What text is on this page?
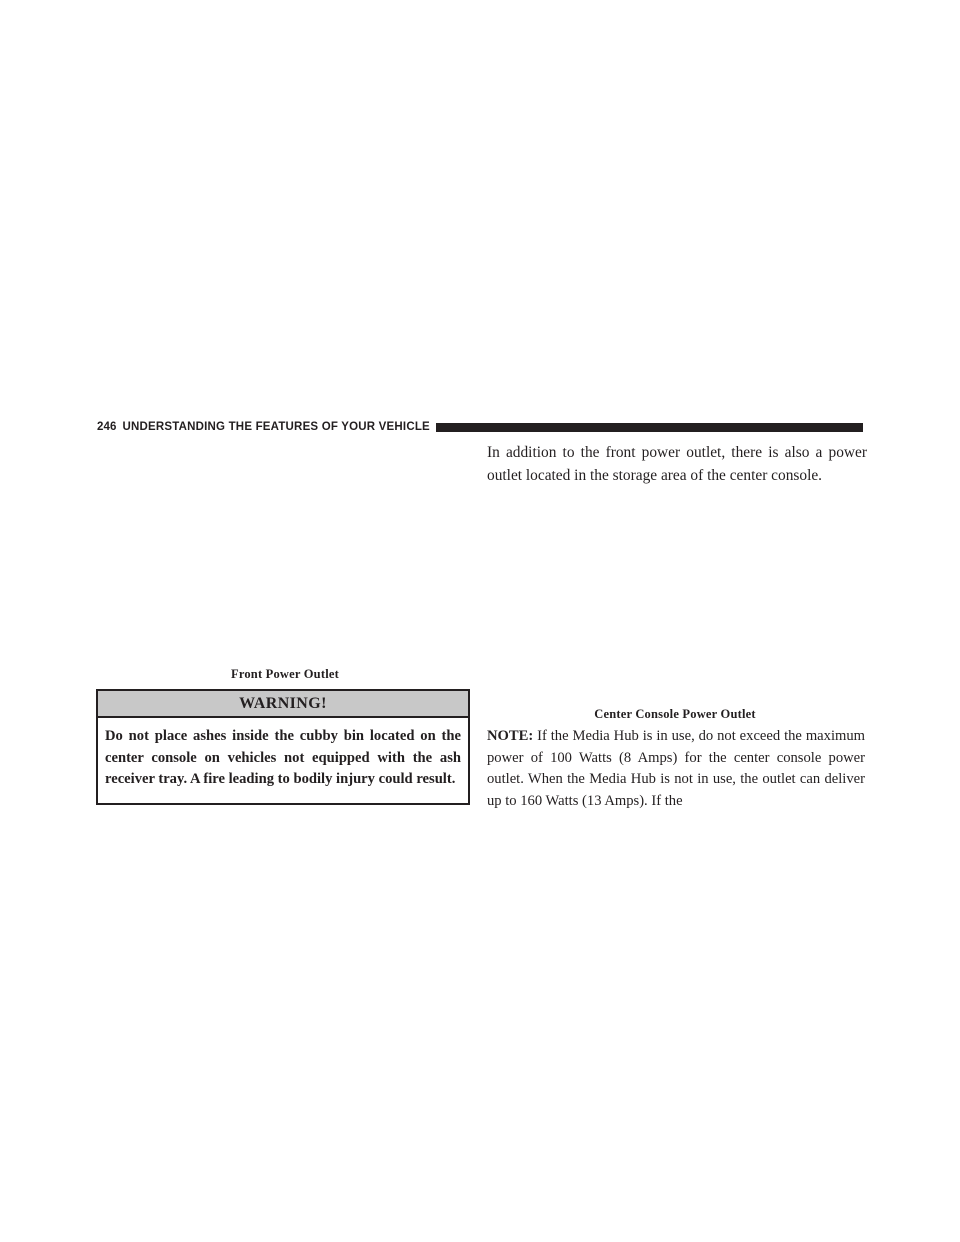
246 UNDERSTANDING THE FEATURES OF YOUR VEHICLE

In addition to the front power outlet, there is also a power outlet located in the storage area of the center console.

Front Power Outlet
WARNING!

Do not place ashes inside the cubby bin located on the center console on vehicles not equipped with the ash receiver tray. A fire leading to bodily injury could result.

Center Console Power Outlet

NOTE: If the Media Hub is in use, do not exceed the maximum power of 100 Watts (8 Amps) for the center console power outlet. When the Media Hub is not in use, the outlet can deliver up to 160 Watts (13 Amps). If the
